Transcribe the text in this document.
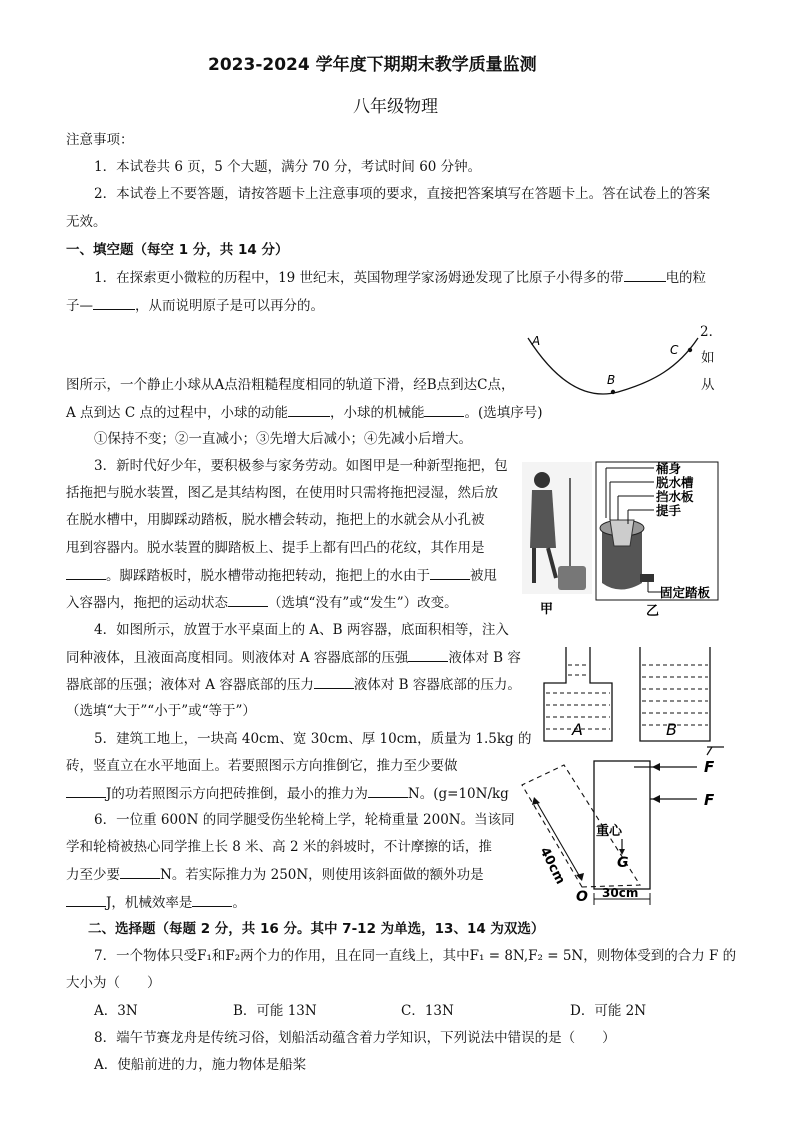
2023-2024 学年度下期期末教学质量监测
八年级物理
注意事项：
1．本试卷共 6 页，5 个大题，满分 70 分，考试时间 60 分钟。
2．本试卷上不要答题，请按答题卡上注意事项的要求，直接把答案填写在答题卡上。答在试卷上的答案
无效。
一、填空题（每空 1 分，共 14 分）
1．在探索更小微粒的历程中，19 世纪末，英国物理学家汤姆逊发现了比原子小得多的带	电的粒
子—	，从而说明原子是可以再分的。
A
B
C
2．
如
图所示，一个静止小球从A点沿粗糙程度相同的轨道下滑，经B点到达C点，	从
A 点到达 C 点的过程中，小球的动能	，小球的机械能	。(选填序号)
①保持不变；②一直减小；③先增大后减小；④先减小后增大。
甲
桶身
脱水槽
挡水板
提手
固定踏板
乙
3．新时代好少年，要积极参与家务劳动。如图甲是一种新型拖把，包
括拖把与脱水装置，图乙是其结构图，在使用时只需将拖把浸湿，然后放
在脱水槽中，用脚踩动踏板，脱水槽会转动，拖把上的水就会从小孔被
甩到容器内。脱水装置的脚踏板上、提手上都有凹凸的花纹，其作用是
。脚踩踏板时，脱水槽带动拖把转动，拖把上的水由于	被甩
入容器内，拖把的运动状态	（选填“没有”或“发生”）改变。
A	B
4．如图所示，放置于水平桌面上的 A、B 两容器，底面积相等，注入
同种液体，且液面高度相同。则液体对 A 容器底部的压强	液体对 B 容
器底部的压强；液体对 A 容器底部的压力	液体对 B 容器底部的压力。
（选填“大于”“小于”或“等于”）
F
F
重心
G
40cm
O 30cm
5．建筑工地上，一块高 40cm、宽 30cm、厚 10cm，质量为 1.5kg 的
砖，竖直立在水平地面上。若要照图示方向推倒它，推力至少要做
J的功若照图示方向把砖推倒，最小的推力为	N。(g=10N/kg
6．一位重 600N 的同学腿受伤坐轮椅上学，轮椅重量 200N。当该同
学和轮椅被热心同学推上长 8 米、高 2 米的斜坡时，不计摩擦的话，推
力至少要	N。若实际推力为 250N，则使用该斜面做的额外功是
J，机械效率是	。
二、选择题（每题 2 分，共 16 分。其中 7-12 为单选，13、14 为双选）
7．一个物体只受F₁和F₂两个力的作用，且在同一直线上，其中F₁ = 8N,F₂ = 5N，则物体受到的合力 F 的
大小为（　　）
A．3N	B．可能 13N	C．13N	D．可能 2N
8．端午节赛龙舟是传统习俗，划船活动蕴含着力学知识，下列说法中错误的是（　　）
A．使船前进的力，施力物体是船桨
